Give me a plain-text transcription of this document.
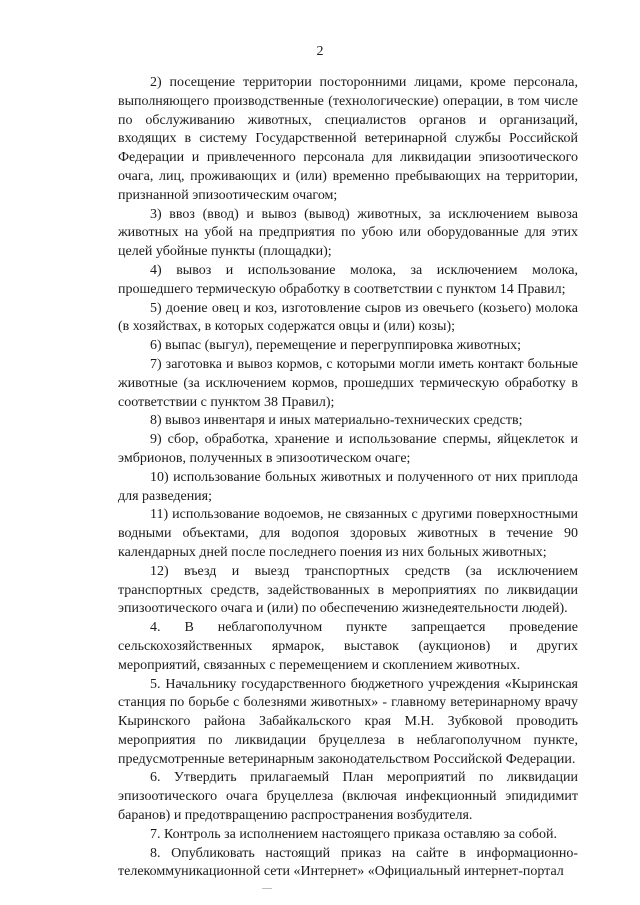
2

2) посещение территории посторонними лицами, кроме персонала, выполняющего производственные (технологические) операции, в том числе по обслуживанию животных, специалистов органов и организаций, входящих в систему Государственной ветеринарной службы Российской Федерации и привлеченного персонала для ликвидации эпизоотического очага, лиц, проживающих и (или) временно пребывающих на территории, признанной эпизоотическим очагом;

3) ввоз (ввод) и вывоз (вывод) животных, за исключением вывоза животных на убой на предприятия по убою или оборудованные для этих целей убойные пункты (площадки);

4) вывоз и использование молока, за исключением молока, прошедшего термическую обработку в соответствии с пунктом 14 Правил;

5) доение овец и коз, изготовление сыров из овечьего (козьего) молока (в хозяйствах, в которых содержатся овцы и (или) козы);

6) выпас (выгул), перемещение и перегруппировка животных;

7) заготовка и вывоз кормов, с которыми могли иметь контакт больные животные (за исключением кормов, прошедших термическую обработку в соответствии с пунктом 38 Правил);

8) вывоз инвентаря и иных материально-технических средств;

9) сбор, обработка, хранение и использование спермы, яйцеклеток и эмбрионов, полученных в эпизоотическом очаге;

10) использование больных животных и полученного от них приплода для разведения;

11) использование водоемов, не связанных с другими поверхностными водными объектами, для водопоя здоровых животных в течение 90 календарных дней после последнего поения из них больных животных;

12) въезд и выезд транспортных средств (за исключением транспортных средств, задействованных в мероприятиях по ликвидации эпизоотического очага и (или) по обеспечению жизнедеятельности людей).

4. В неблагополучном пункте запрещается проведение сельскохозяйственных ярмарок, выставок (аукционов) и других мероприятий, связанных с перемещением и скоплением животных.

5. Начальнику государственного бюджетного учреждения «Кыринская станция по борьбе с болезнями животных» - главному ветеринарному врачу Кыринского района Забайкальского края М.Н. Зубковой проводить мероприятия по ликвидации бруцеллеза в неблагополучном пункте, предусмотренные ветеринарным законодательством Российской Федерации.

6. Утвердить прилагаемый План мероприятий по ликвидации эпизоотического очага бруцеллеза (включая инфекционный эпидидимит баранов) и предотвращению распространения возбудителя.

7. Контроль за исполнением настоящего приказа оставляю за собой.

8. Опубликовать настоящий приказ на сайте в информационно-телекоммуникационной сети «Интернет» «Официальный интернет-портал
